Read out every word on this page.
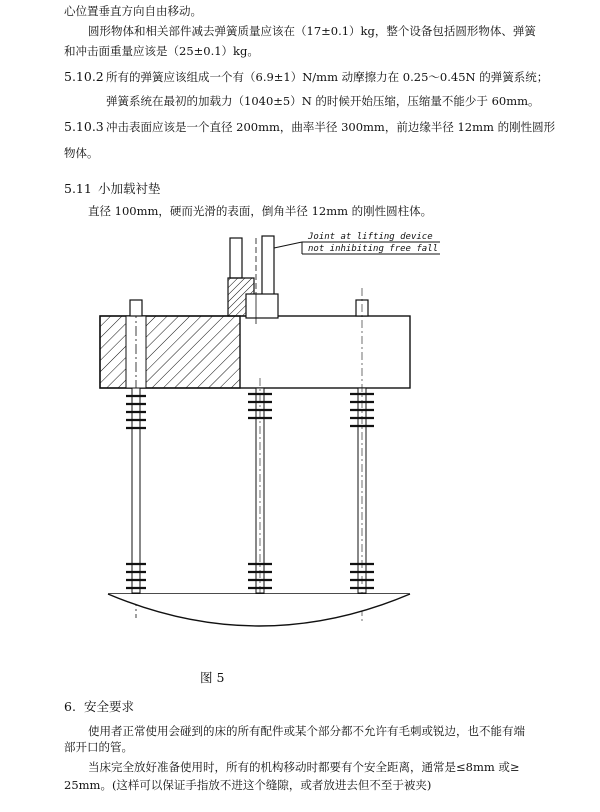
心位置垂直方向自由移动。
圆形物体和相关部件减去弹簧质量应该在（17±0.1）kg，整个设备包括圆形物体、弹簧
和冲击面重量应该是（25±0.1）kg。
5.10.2 所有的弹簧应该组成一个有（6.9±1）N/mm 动摩擦力在 0.25～0.45N 的弹簧系统；
弹簧系统在最初的加载力（1040±5）N 的时候开始压缩，压缩量不能少于 60mm。
5.10.3 冲击表面应该是一个直径 200mm，曲率半径 300mm，前边缘半径 12mm 的刚性圆形
物体。
5.11 小加载衬垫
直径 100mm，硬而光滑的表面，倒角半径 12mm 的刚性圆柱体。
Joint at lifting device
not inhibiting free fall
图 5
6. 安全要求
使用者正常使用会碰到的床的所有配件或某个部分都不允许有毛刺或锐边，也不能有端
部开口的管。
当床完全放好准备使用时，所有的机构移动时都要有个安全距离，通常是≤8mm 或≥
25mm。(这样可以保证手指放不进这个缝隙，或者放进去但不至于被夹)
